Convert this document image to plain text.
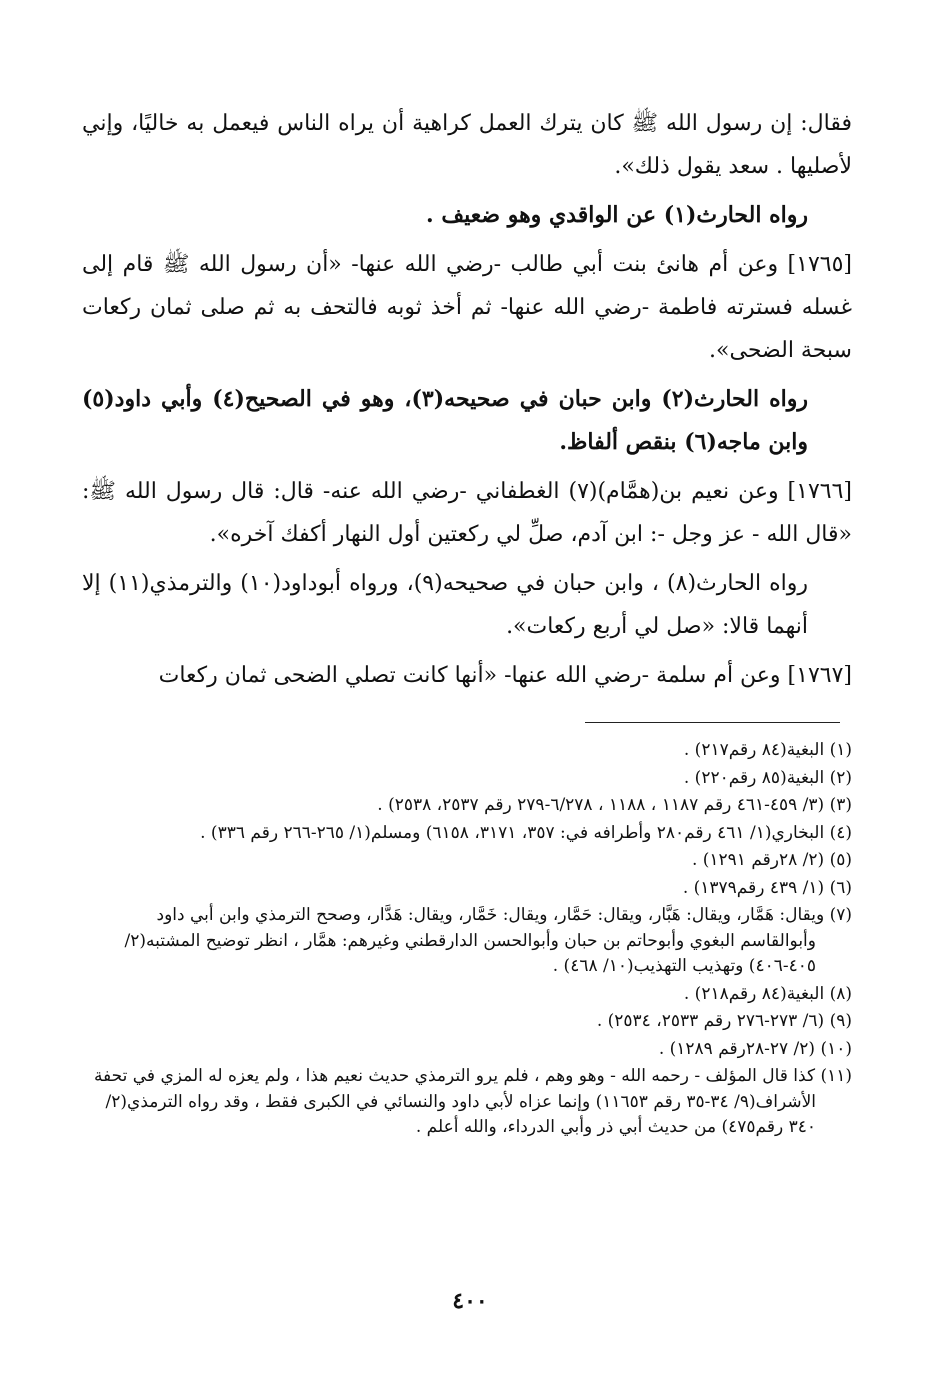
فقال: إن رسول الله ﷺ كان يترك العمل كراهية أن يراه الناس فيعمل به خاليًا، وإني لأصليها . سعد يقول ذلك».

رواه الحارث(١) عن الواقدي وهو ضعيف .

[١٧٦٥] وعن أم هانئ بنت أبي طالب -رضي الله عنها- «أن رسول الله ﷺ قام إلى غسله فسترته فاطمة -رضي الله عنها- ثم أخذ ثوبه فالتحف به ثم صلى ثمان ركعات سبحة الضحى».

رواه الحارث(٢) وابن حبان في صحيحه(٣)، وهو في الصحيح(٤) وأبي داود(٥) وابن ماجه(٦) بنقص ألفاظ.

[١٧٦٦] وعن نعيم بن(همَّام)(٧) الغطفاني -رضي الله عنه- قال: قال رسول الله ﷺ: «قال الله - عز وجل -: ابن آدم، صلِّ لي ركعتين أول النهار أكفك آخره».

رواه الحارث(٨) ، وابن حبان في صحيحه(٩)، ورواه أبوداود(١٠) والترمذي(١١) إلا أنهما قالا: «صل لي أربع ركعات».

[١٧٦٧] وعن أم سلمة -رضي الله عنها- «أنها كانت تصلي الضحى ثمان ركعات

(١) البغية(٨٤ رقم٢١٧) .

(٢) البغية(٨٥ رقم٢٢٠) .

(٣) (٣/ ٤٥٩-٤٦١ رقم ١١٨٧ ، ١١٨٨ ، ٦/٢٧٨-٢٧٩ رقم ٢٥٣٧، ٢٥٣٨) .

(٤) البخاري(١/ ٤٦١ رقم٢٨٠ وأطرافه في: ٣٥٧، ٣١٧١، ٦١٥٨) ومسلم(١/ ٢٦٥-٢٦٦ رقم ٣٣٦) .

(٥) (٢/ ٢٨رقم ١٢٩١) .

(٦) (١/ ٤٣٩ رقم١٣٧٩) .

(٧) ويقال: هَمَّار، ويقال: هَبَّار، ويقال: حَمَّار، ويقال: خَمَّار، ويقال: هَدَّار، وصحح الترمذي وابن أبي داود وأبوالقاسم البغوي وأبوحاتم بن حبان وأبوالحسن الدارقطني وغيرهم: همَّار ، انظر توضيح المشتبه(٢/ ٤٠٥-٤٠٦) وتهذيب التهذيب(١٠/ ٤٦٨) .

(٨) البغية(٨٤ رقم٢١٨) .

(٩) (٦/ ٢٧٣-٢٧٦ رقم ٢٥٣٣، ٢٥٣٤) .

(١٠) (٢/ ٢٧-٢٨رقم ١٢٨٩) .

(١١) كذا قال المؤلف - رحمه الله - وهو وهم ، فلم يرو الترمذي حديث نعيم هذا ، ولم يعزه له المزي في تحفة الأشراف(٩/ ٣٤-٣٥ رقم ١١٦٥٣) وإنما عزاه لأبي داود والنسائي في الكبرى فقط ، وقد رواه الترمذي(٢/ ٣٤٠ رقم٤٧٥) من حديث أبي ذر وأبي الدرداء، والله أعلم .

٤٠٠
